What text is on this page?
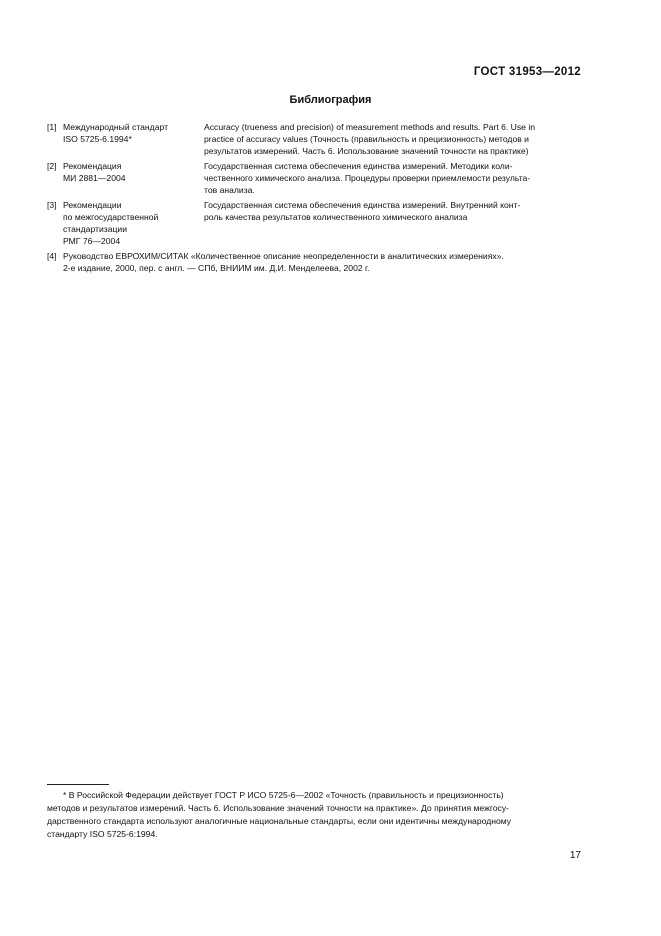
ГОСТ 31953—2012
Библиография
[1] Международный стандарт
ISO 5725-6.1994*
Accuracy (trueness and precision) of measurement methods and results. Part 6. Use in
practice of accuracy values (Точность (правильность и прецизионность) методов и
результатов измерений. Часть 6. Использование значений точности на практике)
[2] Рекомендация
МИ 2881—2004
Государственная система обеспечения единства измерений. Методики коли-
чественного химического анализа. Процедуры проверки приемлемости результа-
тов анализа.
[3] Рекомендации
по межгосударственной
стандартизации
РМГ 76—2004
Государственная система обеспечения единства измерений. Внутренний конт-
роль качества результатов количественного химического анализа
[4] Руководство ЕВРОХИМ/СИТАК «Количественное описание неопределенности в аналитических измерениях».
2-е издание, 2000, пер. с англ. — СПб, ВНИИМ им. Д.И. Менделеева, 2002 г.
* В Российской Федерации действует ГОСТ Р ИСО 5725-6—2002 «Точность (правильность и прецизионность)
методов и результатов измерений. Часть 6. Использование значений точности на практике». До принятия межгосу-
дарственного стандарта используют аналогичные национальные стандарты, если они идентичны международному
стандарту ISO 5725-6:1994.
17
